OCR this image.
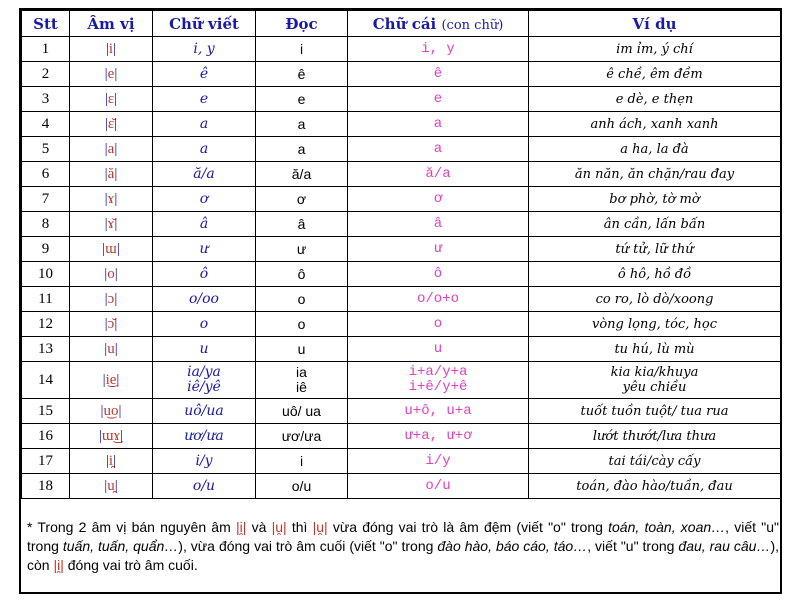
Stt	Âm vị	Chữ viết	Đọc	Chữ cái (con chữ)	Ví dụ
1	|i|	i, y	i	i, y	im ỉm, ý chí

2	|e|	ê	ê	ê	ê chề, êm đềm

3	|ɛ|	e	e	e	e dè, e thẹn

4	|ɛ̆|	a	a	a	anh ách, xanh xanh

5	|a|	a	a	a	a ha, la đà

6	|ă|	ă/a	ă/a	ă/a	ăn năn, ăn chặn/rau đay

7	|ɤ|	ơ	ơ	ơ	bơ phờ, tờ mờ

8	|ɤ̆|	â	â	â	ân cần, lấn bấn

9	|ɯ|	ư	ư	ư	tứ tử, lữ thứ

10	|o|	ô	ô	ô	ô hô, hồ đồ

11	|ɔ|	o/oo	o	o/o+o	co ro, lò dò/xoong

12	|ɔ̆|	o	o	o	vòng lọng, tóc, học

13	|u|	u	u	u	tu hú, lù mù

14	|i͜e|	ia/ya
iê/yê	ia
iê	i+a/y+a
i+ê/y+ê	kia kia/khuya
yêu chiều

15	|u͜o|	uô/ua	uô/ ua	u+ô, u+a	tuốt tuồn tuột/ tua rua

16	|ɯ͜ɤ|	ươ/ưa	ươ/ưa	ư+a, ư+ơ	lướt thướt/lưa thưa

17	|i̯|	i/y	i	i/y	tai tái/cày cấy

18	|u̯|	o/u	o/u	o/u	toán, đào hào/tuần, đau
* Trong 2 âm vị bán nguyên âm |i̯| và |u̯| thì |u̯| vừa đóng vai trò là âm đệm (viết "o" trong toán, toàn, xoan…, viết "u" trong tuấn, tuấn, quẩn…), vừa đóng vai trò âm cuối (viết "o" trong đào hào, báo cáo, táo…, viết "u" trong đau, rau câu…), còn |i̯| đóng vai trò âm cuối.
